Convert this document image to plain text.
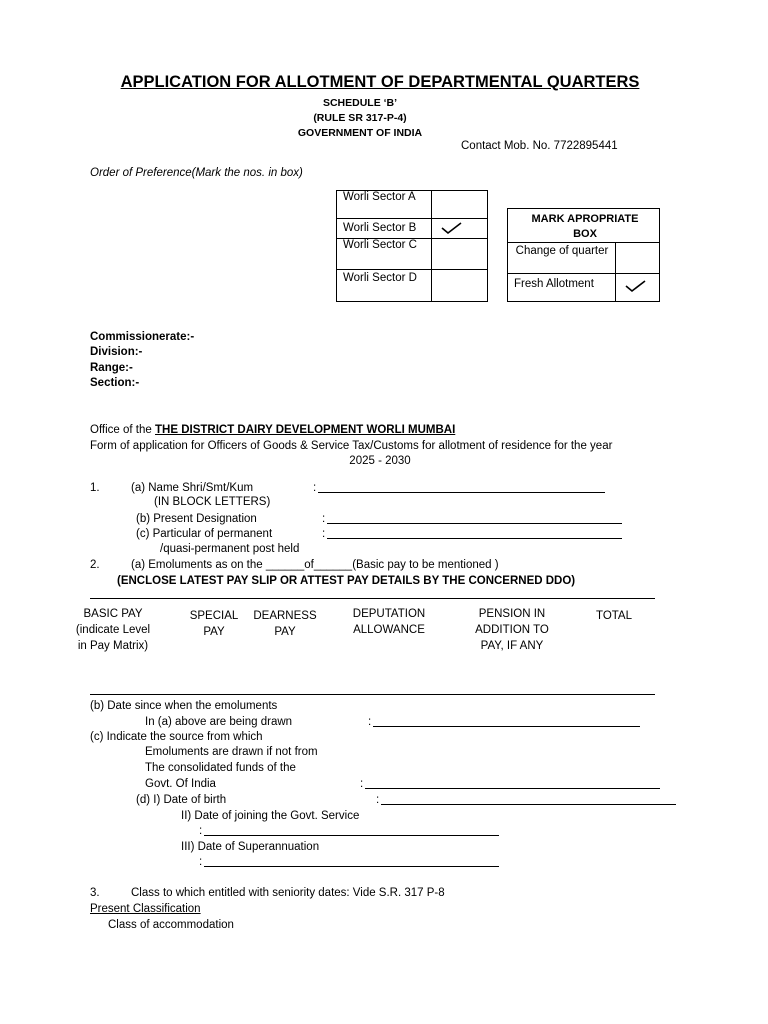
APPLICATION FOR ALLOTMENT OF DEPARTMENTAL QUARTERS
SCHEDULE ‘B’
(RULE SR 317-P-4)
GOVERNMENT OF INDIA
Contact Mob. No. 7722895441
Order of Preference(Mark the nos. in box)
Worli Sector A
Worli Sector B
Worli Sector C
Worli Sector D
MARK APROPRIATE BOX
Change of quarter
Fresh Allotment
Commissionerate:-
Division:-
Range:-
Section:-
Office of the THE DISTRICT DAIRY DEVELOPMENT WORLI MUMBAI
Form of application for Officers of Goods & Service Tax/Customs for allotment of residence for the year
2025 - 2030
1.	(a) Name Shri/Smt/Kum	:
(IN BLOCK LETTERS)
(b) Present Designation	:
(c) Particular of permanent	:
/quasi-permanent post held
2.	(a) Emoluments as on the ______of______(Basic pay to be mentioned )
(ENCLOSE LATEST PAY SLIP OR ATTEST PAY DETAILS BY THE CONCERNED DDO)
BASIC PAY (indicate Level in Pay Matrix)
SPECIAL PAY
DEARNESS PAY
DEPUTATION ALLOWANCE
PENSION IN ADDITION TO PAY, IF ANY
TOTAL
(b) Date since when the emoluments
In (a) above are being drawn	:
(c) Indicate the source from which
Emoluments are drawn if not from
The consolidated funds of the
Govt. Of India	:
(d) I) Date of birth	:
II) Date of joining the Govt. Service
:
III) Date of Superannuation
:
3.	Class to which entitled with seniority dates: Vide S.R. 317 P-8
Present Classification
Class of accommodation
